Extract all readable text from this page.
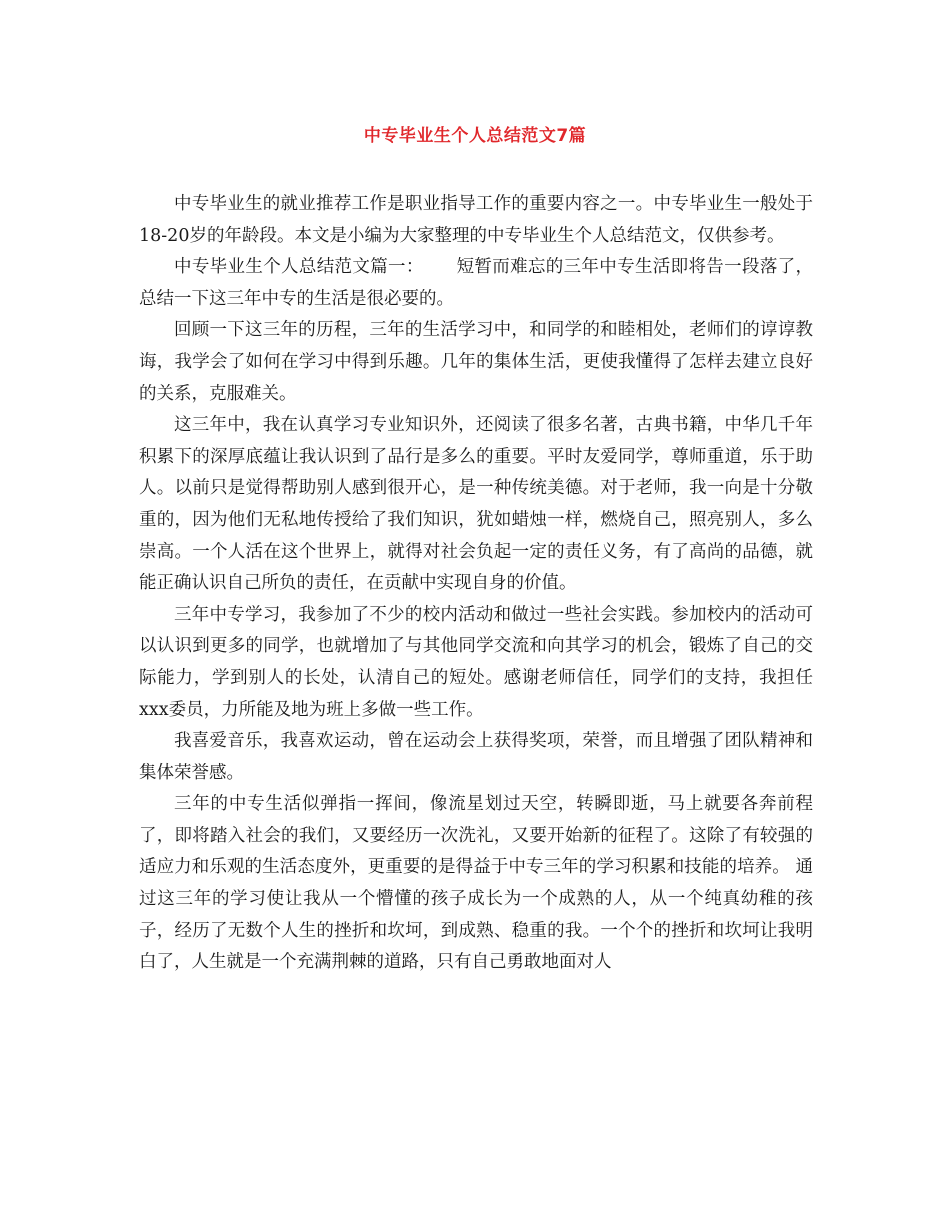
中专毕业生个人总结范文7篇

中专毕业生的就业推荐工作是职业指导工作的重要内容之一。中专毕业生一般处于18-20岁的年龄段。本文是小编为大家整理的中专毕业生个人总结范文，仅供参考。

中专毕业生个人总结范文篇一：　　 短暂而难忘的三年中专生活即将告一段落了，总结一下这三年中专的生活是很必要的。

回顾一下这三年的历程，三年的生活学习中，和同学的和睦相处，老师们的谆谆教诲，我学会了如何在学习中得到乐趣。几年的集体生活，更使我懂得了怎样去建立良好的关系，克服难关。

这三年中，我在认真学习专业知识外，还阅读了很多名著，古典书籍，中华几千年积累下的深厚底蕴让我认识到了品行是多么的重要。平时友爱同学，尊师重道，乐于助人。以前只是觉得帮助别人感到很开心，是一种传统美德。对于老师，我一向是十分敬重的，因为他们无私地传授给了我们知识，犹如蜡烛一样，燃烧自己，照亮别人，多么崇高。一个人活在这个世界上，就得对社会负起一定的责任义务，有了高尚的品德，就能正确认识自己所负的责任，在贡献中实现自身的价值。

三年中专学习，我参加了不少的校内活动和做过一些社会实践。参加校内的活动可以认识到更多的同学，也就增加了与其他同学交流和向其学习的机会，锻炼了自己的交际能力，学到别人的长处，认清自己的短处。感谢老师信任，同学们的支持，我担任xxx委员，力所能及地为班上多做一些工作。

我喜爱音乐，我喜欢运动，曾在运动会上获得奖项，荣誉，而且增强了团队精神和集体荣誉感。

三年的中专生活似弹指一挥间，像流星划过天空，转瞬即逝，马上就要各奔前程了，即将踏入社会的我们，又要经历一次洗礼，又要开始新的征程了。这除了有较强的适应力和乐观的生活态度外，更重要的是得益于中专三年的学习积累和技能的培养。 通过这三年的学习使让我从一个懵懂的孩子成长为一个成熟的人，从一个纯真幼稚的孩子，经历了无数个人生的挫折和坎坷，到成熟、稳重的我。一个个的挫折和坎坷让我明白了，人生就是一个充满荆棘的道路，只有自己勇敢地面对人
